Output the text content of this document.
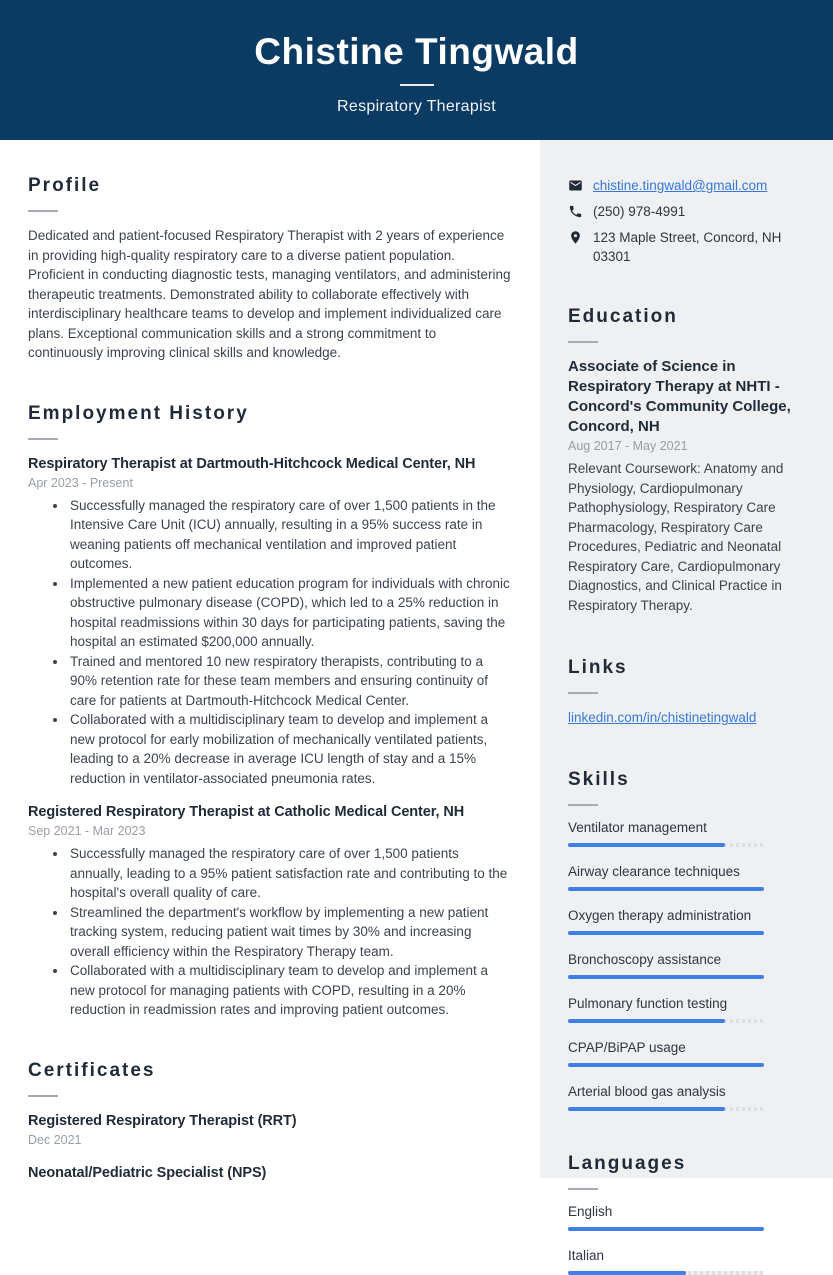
Chistine Tingwald
Respiratory Therapist
Profile

Dedicated and patient-focused Respiratory Therapist with 2 years of experience in providing high-quality respiratory care to a diverse patient population. Proficient in conducting diagnostic tests, managing ventilators, and administering therapeutic treatments. Demonstrated ability to collaborate effectively with interdisciplinary healthcare teams to develop and implement individualized care plans. Exceptional communication skills and a strong commitment to continuously improving clinical skills and knowledge.

Employment History
Respiratory Therapist at Dartmouth-Hitchcock Medical Center, NH
Apr 2023 - Present
• Successfully managed the respiratory care of over 1,500 patients in the Intensive Care Unit (ICU) annually, resulting in a 95% success rate in weaning patients off mechanical ventilation and improved patient outcomes.
• Implemented a new patient education program for individuals with chronic obstructive pulmonary disease (COPD), which led to a 25% reduction in hospital readmissions within 30 days for participating patients, saving the hospital an estimated $200,000 annually.
• Trained and mentored 10 new respiratory therapists, contributing to a 90% retention rate for these team members and ensuring continuity of care for patients at Dartmouth-Hitchcock Medical Center.
• Collaborated with a multidisciplinary team to develop and implement a new protocol for early mobilization of mechanically ventilated patients, leading to a 20% decrease in average ICU length of stay and a 15% reduction in ventilator-associated pneumonia rates.
Registered Respiratory Therapist at Catholic Medical Center, NH
Sep 2021 - Mar 2023
• Successfully managed the respiratory care of over 1,500 patients annually, leading to a 95% patient satisfaction rate and contributing to the hospital's overall quality of care.
• Streamlined the department's workflow by implementing a new patient tracking system, reducing patient wait times by 30% and increasing overall efficiency within the Respiratory Therapy team.
• Collaborated with a multidisciplinary team to develop and implement a new protocol for managing patients with COPD, resulting in a 20% reduction in readmission rates and improving patient outcomes.
Certificates
Registered Respiratory Therapist (RRT)
Dec 2021
Neonatal/Pediatric Specialist (NPS)
chistine.tingwald@gmail.com
(250) 978-4991
123 Maple Street, Concord, NH 03301
Education
Associate of Science in Respiratory Therapy at NHTI - Concord's Community College, Concord, NH
Aug 2017 - May 2021
Relevant Coursework: Anatomy and Physiology, Cardiopulmonary Pathophysiology, Respiratory Care Pharmacology, Respiratory Care Procedures, Pediatric and Neonatal Respiratory Care, Cardiopulmonary Diagnostics, and Clinical Practice in Respiratory Therapy.
Links
linkedin.com/in/chistinetingwald
Skills
Ventilator management
Airway clearance techniques
Oxygen therapy administration
Bronchoscopy assistance
Pulmonary function testing
CPAP/BiPAP usage
Arterial blood gas analysis
Languages
English
Italian
